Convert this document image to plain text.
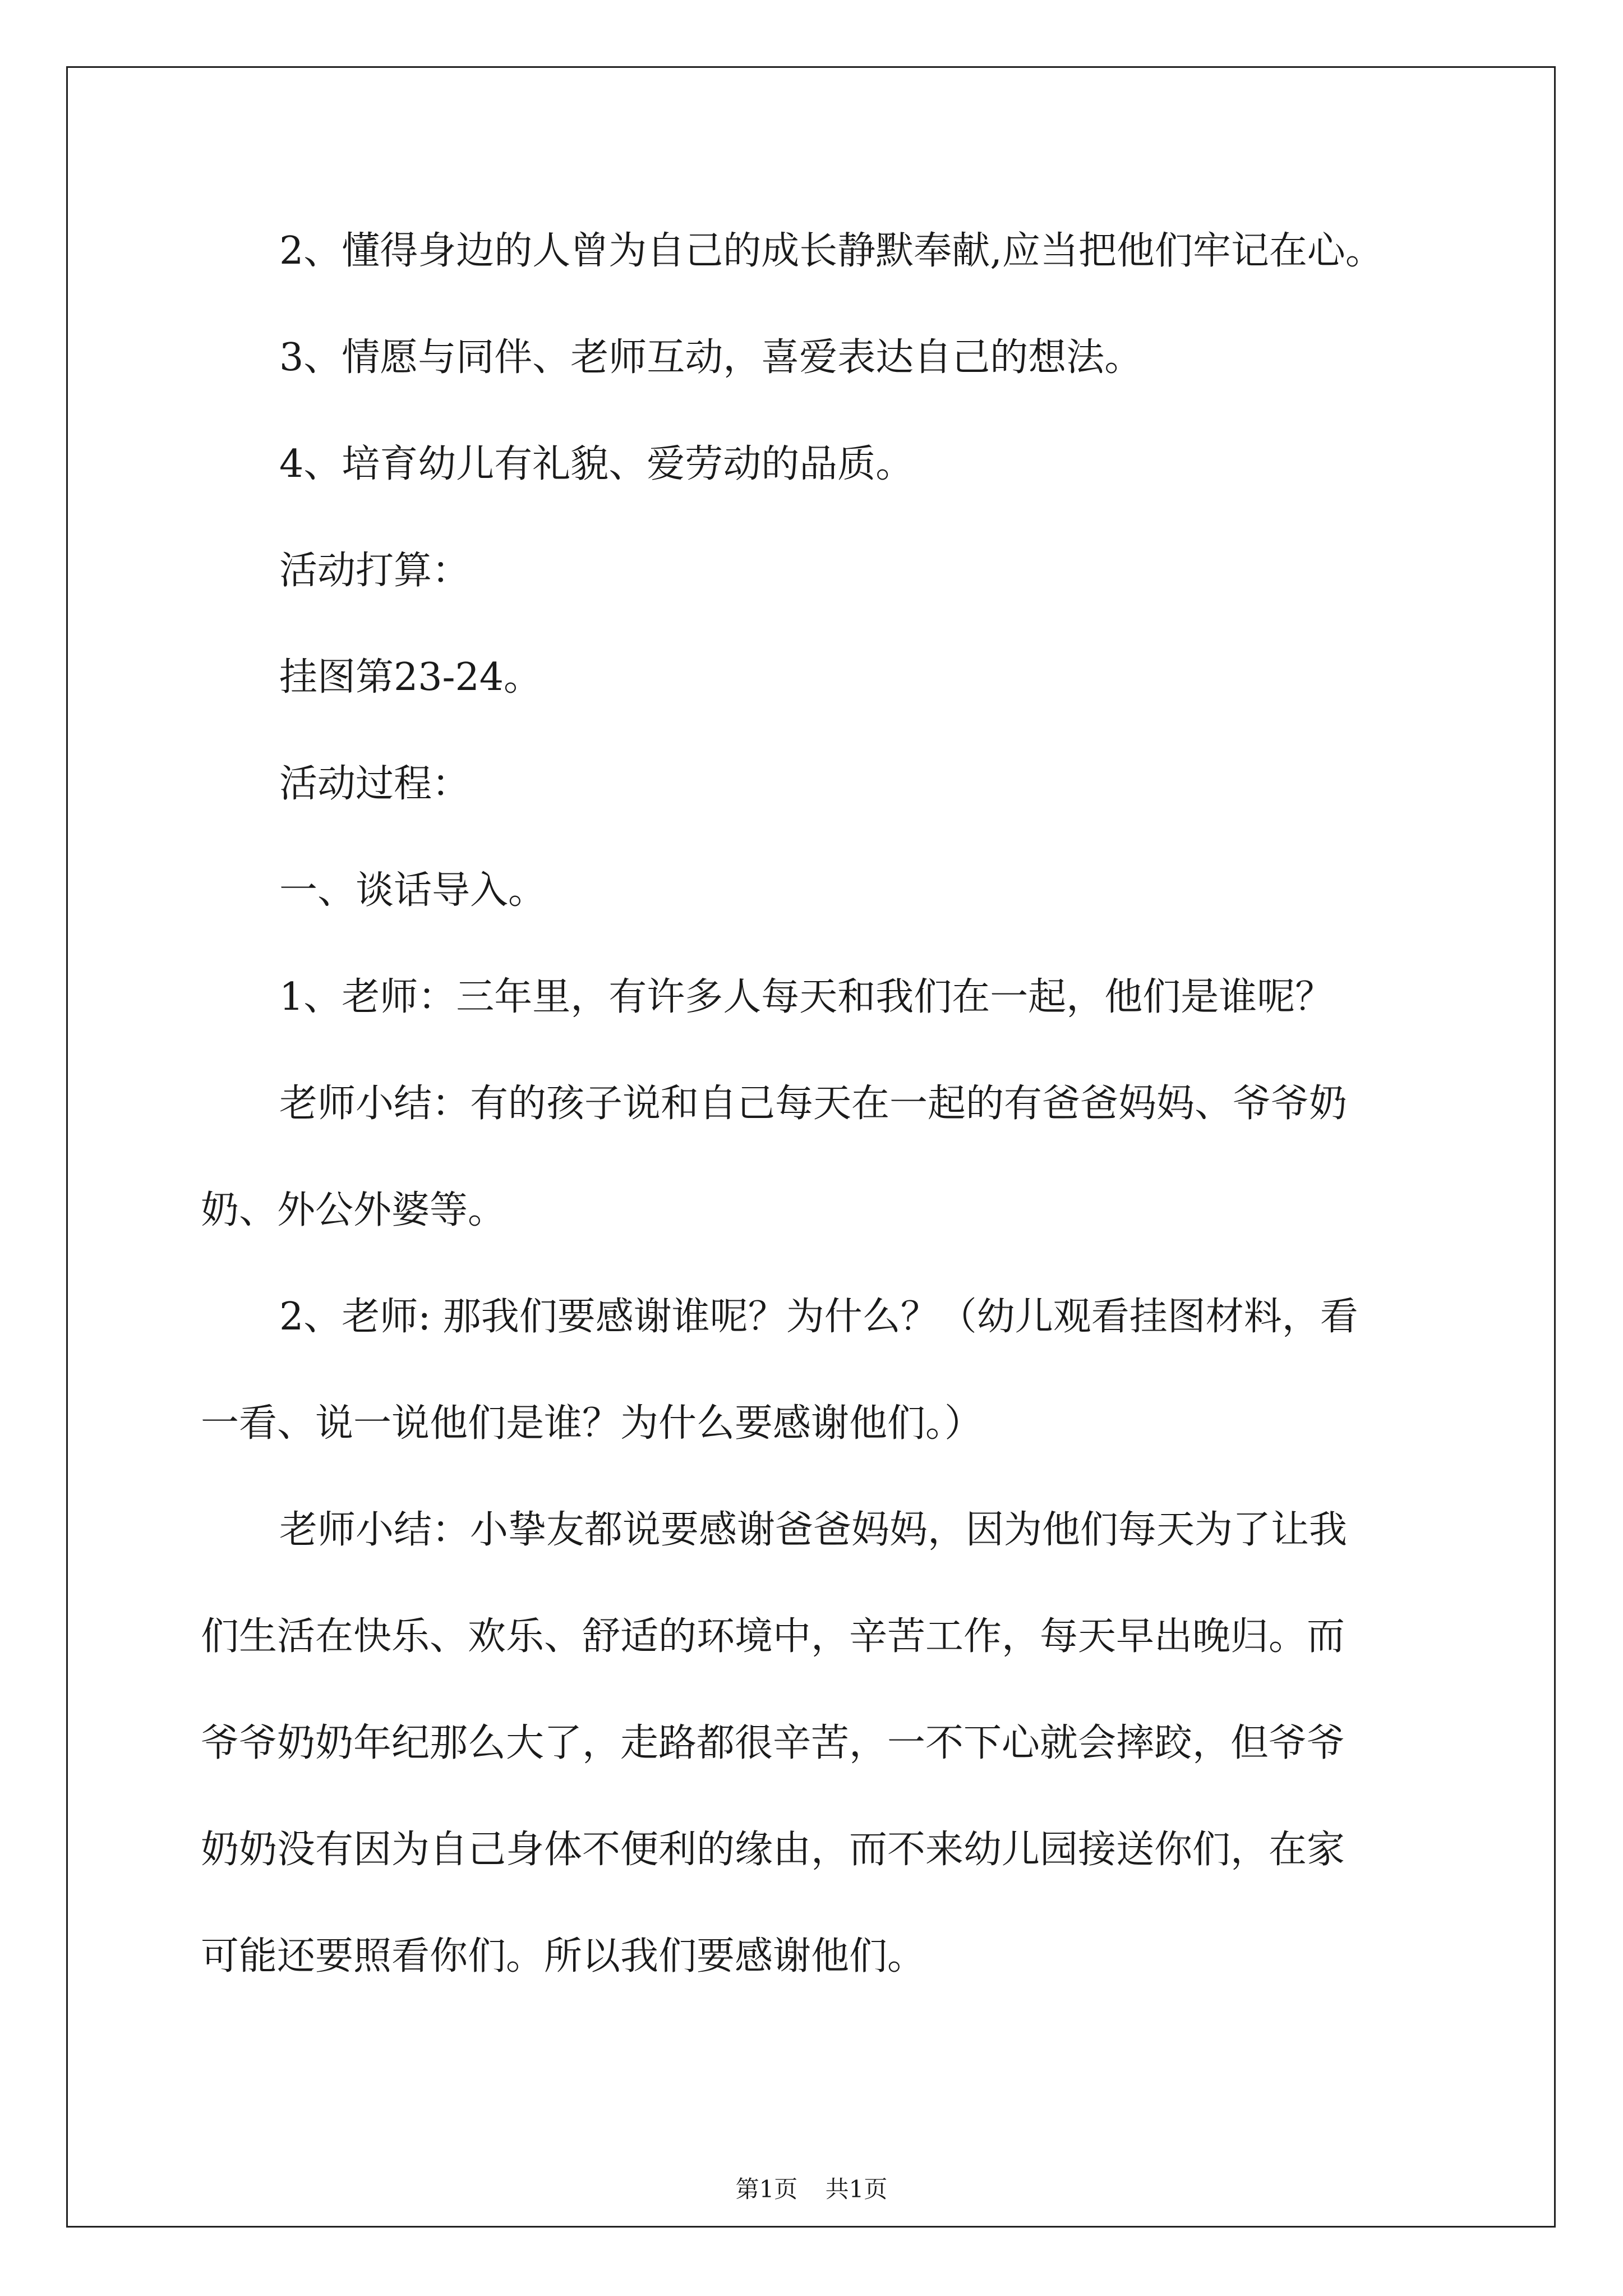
2、懂得身边的人曾为自己的成长静默奉献,应当把他们牢记在心。
3、情愿与同伴、老师互动，喜爱表达自己的想法。
4、培育幼儿有礼貌、爱劳动的品质。
活动打算：
挂图第23-24。
活动过程：
一、谈话导入。
1、老师：三年里，有许多人每天和我们在一起，他们是谁呢？
老师小结：有的孩子说和自己每天在一起的有爸爸妈妈、爷爷奶
奶、外公外婆等。
2、老师: 那我们要感谢谁呢？为什么？（幼儿观看挂图材料，看
一看、说一说他们是谁？为什么要感谢他们。）
老师小结：小挚友都说要感谢爸爸妈妈，因为他们每天为了让我
们生活在快乐、欢乐、舒适的环境中，辛苦工作，每天早出晚归。而
爷爷奶奶年纪那么大了，走路都很辛苦，一不下心就会摔跤，但爷爷
奶奶没有因为自己身体不便利的缘由，而不来幼儿园接送你们，在家
可能还要照看你们。所以我们要感谢他们。
第1页 共1页
